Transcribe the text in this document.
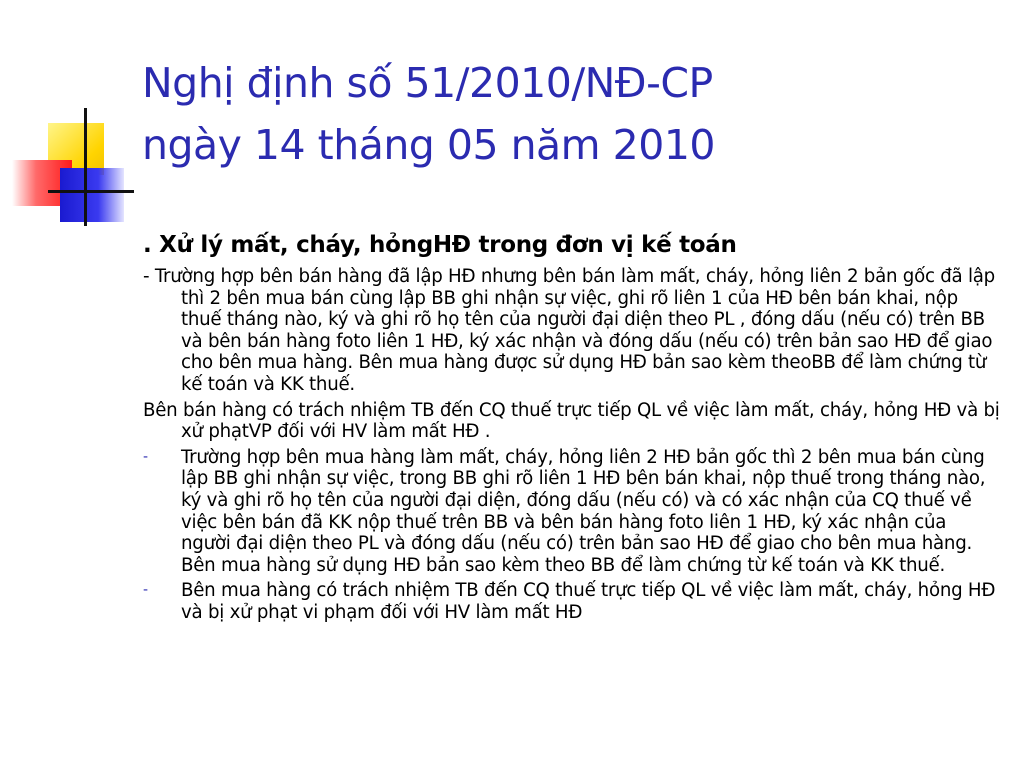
Nghị định số 51/2010/NĐ-CP
ngày 14 tháng 05 năm 2010

. Xử lý mất, cháy, hỏngHĐ trong đơn vị kế toán

- Trường hợp bên bán hàng đã lập HĐ nhưng bên bán làm mất, cháy, hỏng liên 2 bản gốc đã lập thì 2 bên mua bán cùng lập BB ghi nhận sự việc, ghi rõ liên 1 của HĐ bên bán khai, nộp thuế tháng nào, ký và ghi rõ họ tên của người đại diện theo PL , đóng dấu (nếu có) trên BB và bên bán hàng foto liên 1 HĐ, ký xác nhận và đóng dấu (nếu có) trên bản sao HĐ để giao cho bên mua hàng. Bên mua hàng được sử dụng HĐ bản sao kèm theoBB để làm chứng từ kế toán và KK thuế.

Bên bán hàng có trách nhiệm TB đến CQ thuế trực tiếp QL về việc làm mất, cháy, hỏng HĐ và bị xử phạtVP đối với HV làm mất HĐ .

- Trường hợp bên mua hàng làm mất, cháy, hỏng liên 2 HĐ bản gốc thì 2 bên mua bán cùng lập BB ghi nhận sự việc, trong BB ghi rõ liên 1 HĐ bên bán khai, nộp thuế trong tháng nào, ký và ghi rõ họ tên của người đại diện, đóng dấu (nếu có) và có xác nhận của CQ thuế về việc bên bán đã KK nộp thuế trên BB và bên bán hàng foto liên 1 HĐ, ký xác nhận của người đại diện theo PL và đóng dấu (nếu có) trên bản sao HĐ để giao cho bên mua hàng. Bên mua hàng sử dụng HĐ bản sao kèm theo BB để làm chứng từ kế toán và KK thuế.
- Bên mua hàng có trách nhiệm TB đến CQ thuế trực tiếp QL về việc làm mất, cháy, hỏng HĐ và bị xử phạt vi phạm đối với HV làm mất HĐ
